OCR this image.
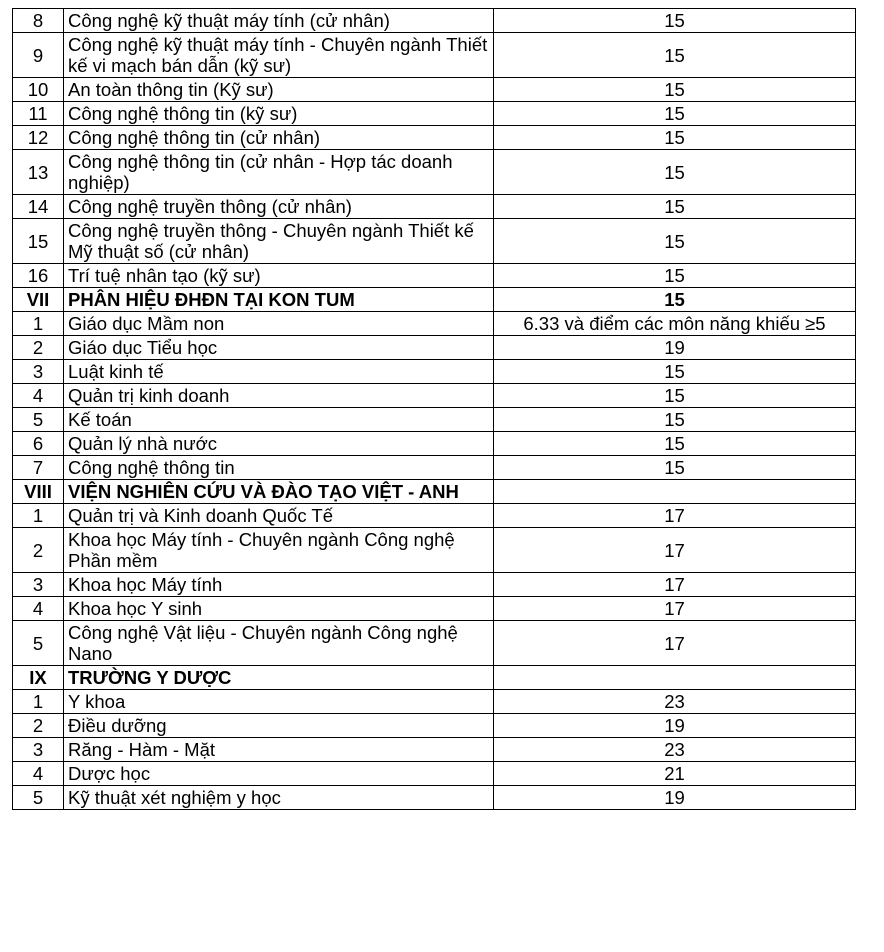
8	Công nghệ kỹ thuật máy tính (cử nhân)	15
9	Công nghệ kỹ thuật máy tính - Chuyên ngành Thiết kế vi mạch bán dẫn (kỹ sư)	15
10	An toàn thông tin (Kỹ sư)	15
11	Công nghệ thông tin (kỹ sư)	15
12	Công nghệ thông tin (cử nhân)	15
13	Công nghệ thông tin (cử nhân - Hợp tác doanh nghiệp)	15
14	Công nghệ truyền thông (cử nhân)	15
15	Công nghệ truyền thông - Chuyên ngành Thiết kế Mỹ thuật số (cử nhân)	15
16	Trí tuệ nhân tạo (kỹ sư)	15
VII	PHÂN HIỆU ĐHĐN TẠI KON TUM	15
1	Giáo dục Mầm non	6.33 và điểm các môn năng khiếu ≥5
2	Giáo dục Tiểu học	19
3	Luật kinh tế	15
4	Quản trị kinh doanh	15
5	Kế toán	15
6	Quản lý nhà nước	15
7	Công nghệ thông tin	15
VIII	VIỆN NGHIÊN CỨU VÀ ĐÀO TẠO VIỆT - ANH	
1	Quản trị và Kinh doanh Quốc Tế	17
2	Khoa học Máy tính - Chuyên ngành Công nghệ Phần mềm	17
3	Khoa học Máy tính	17
4	Khoa học Y sinh	17
5	Công nghệ Vật liệu - Chuyên ngành Công nghệ Nano	17
IX	TRƯỜNG Y DƯỢC	
1	Y khoa	23
2	Điều dưỡng	19
3	Răng - Hàm - Mặt	23
4	Dược học	21
5	Kỹ thuật xét nghiệm y học	19
